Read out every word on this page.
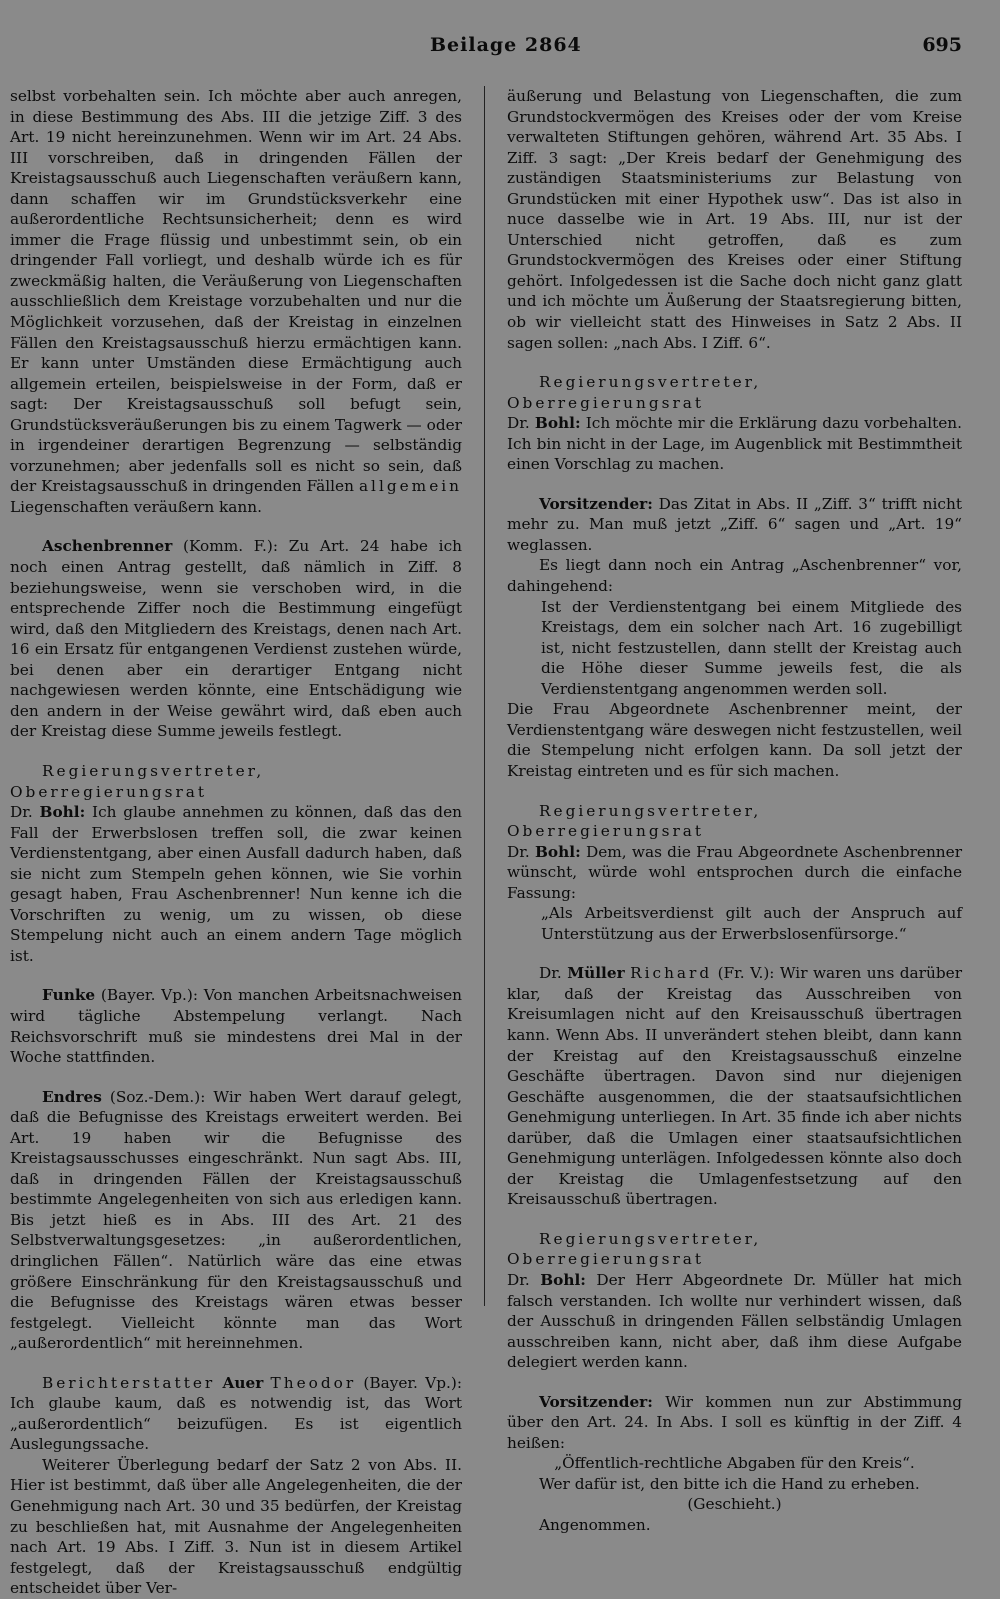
Beilage 2864	695

selbst vorbehalten sein. Ich möchte aber auch anregen, in diese Bestimmung des Abs. III die jetzige Ziff. 3 des Art. 19 nicht hereinzunehmen. Wenn wir im Art. 24 Abs. III vorschreiben, daß in dringenden Fällen der Kreistagsausschuß auch Liegenschaften veräußern kann, dann schaffen wir im Grundstücksverkehr eine außerordentliche Rechtsunsicherheit; denn es wird immer die Frage flüssig und unbestimmt sein, ob ein dringender Fall vorliegt, und deshalb würde ich es für zweckmäßig halten, die Veräußerung von Liegenschaften ausschließlich dem Kreistage vorzubehalten und nur die Möglichkeit vorzusehen, daß der Kreistag in einzelnen Fällen den Kreistagsausschuß hierzu ermächtigen kann. Er kann unter Umständen diese Ermächtigung auch allgemein erteilen, beispielsweise in der Form, daß er sagt: Der Kreistagsausschuß soll befugt sein, Grundstücksveräußerungen bis zu einem Tagwerk — oder in irgendeiner derartigen Begrenzung — selbständig vorzunehmen; aber jedenfalls soll es nicht so sein, daß der Kreistagsausschuß in dringenden Fällen allgemein Liegenschaften veräußern kann.

Aschenbrenner (Komm. F.): Zu Art. 24 habe ich noch einen Antrag gestellt, daß nämlich in Ziff. 8 beziehungsweise, wenn sie verschoben wird, in die entsprechende Ziffer noch die Bestimmung eingefügt wird, daß den Mitgliedern des Kreistags, denen nach Art. 16 ein Ersatz für entgangenen Verdienst zustehen würde, bei denen aber ein derartiger Entgang nicht nachgewiesen werden könnte, eine Entschädigung wie den andern in der Weise gewährt wird, daß eben auch der Kreistag diese Summe jeweils festlegt.

Regierungsvertreter, Oberregierungsrat

Dr. Bohl: Ich glaube annehmen zu können, daß das den Fall der Erwerbslosen treffen soll, die zwar keinen Verdienstentgang, aber einen Ausfall dadurch haben, daß sie nicht zum Stempeln gehen können, wie Sie vorhin gesagt haben, Frau Aschenbrenner! Nun kenne ich die Vorschriften zu wenig, um zu wissen, ob diese Stempelung nicht auch an einem andern Tage möglich ist.

Funke (Bayer. Vp.): Von manchen Arbeitsnachweisen wird tägliche Abstempelung verlangt. Nach Reichsvorschrift muß sie mindestens drei Mal in der Woche stattfinden.

Endres (Soz.-Dem.): Wir haben Wert darauf gelegt, daß die Befugnisse des Kreistags erweitert werden. Bei Art. 19 haben wir die Befugnisse des Kreistagsausschusses eingeschränkt. Nun sagt Abs. III, daß in dringenden Fällen der Kreistagsausschuß bestimmte Angelegenheiten von sich aus erledigen kann. Bis jetzt hieß es in Abs. III des Art. 21 des Selbstverwaltungsgesetzes: „in außerordentlichen, dringlichen Fällen“. Natürlich wäre das eine etwas größere Einschränkung für den Kreistagsausschuß und die Befugnisse des Kreistags wären etwas besser festgelegt. Vielleicht könnte man das Wort „außerordentlich“ mit hereinnehmen.

Berichterstatter Auer Theodor (Bayer. Vp.): Ich glaube kaum, daß es notwendig ist, das Wort „außerordentlich“ beizufügen. Es ist eigentlich Auslegungssache.

Weiterer Überlegung bedarf der Satz 2 von Abs. II. Hier ist bestimmt, daß über alle Angelegenheiten, die der Genehmigung nach Art. 30 und 35 bedürfen, der Kreistag zu beschließen hat, mit Ausnahme der Angelegenheiten nach Art. 19 Abs. I Ziff. 3. Nun ist in diesem Artikel festgelegt, daß der Kreistagsausschuß endgültig entscheidet über Ver-

äußerung und Belastung von Liegenschaften, die zum Grundstockvermögen des Kreises oder der vom Kreise verwalteten Stiftungen gehören, während Art. 35 Abs. I Ziff. 3 sagt: „Der Kreis bedarf der Genehmigung des zuständigen Staatsministeriums zur Belastung von Grundstücken mit einer Hypothek usw“. Das ist also in nuce dasselbe wie in Art. 19 Abs. III, nur ist der Unterschied nicht getroffen, daß es zum Grundstockvermögen des Kreises oder einer Stiftung gehört. Infolgedessen ist die Sache doch nicht ganz glatt und ich möchte um Äußerung der Staatsregierung bitten, ob wir vielleicht statt des Hinweises in Satz 2 Abs. II sagen sollen: „nach Abs. I Ziff. 6“.

Regierungsvertreter, Oberregierungsrat

Dr. Bohl: Ich möchte mir die Erklärung dazu vorbehalten. Ich bin nicht in der Lage, im Augenblick mit Bestimmtheit einen Vorschlag zu machen.

Vorsitzender: Das Zitat in Abs. II „Ziff. 3“ trifft nicht mehr zu. Man muß jetzt „Ziff. 6“ sagen und „Art. 19“ weglassen.

Es liegt dann noch ein Antrag „Aschenbrenner“ vor, dahingehend:

Ist der Verdienstentgang bei einem Mitgliede des Kreistags, dem ein solcher nach Art. 16 zugebilligt ist, nicht festzustellen, dann stellt der Kreistag auch die Höhe dieser Summe jeweils fest, die als Verdienstentgang angenommen werden soll.

Die Frau Abgeordnete Aschenbrenner meint, der Verdienstentgang wäre deswegen nicht festzustellen, weil die Stempelung nicht erfolgen kann. Da soll jetzt der Kreistag eintreten und es für sich machen.

Regierungsvertreter, Oberregierungsrat

Dr. Bohl: Dem, was die Frau Abgeordnete Aschenbrenner wünscht, würde wohl entsprochen durch die einfache Fassung:

„Als Arbeitsverdienst gilt auch der Anspruch auf Unterstützung aus der Erwerbslosenfürsorge.“

Dr. Müller Richard (Fr. V.): Wir waren uns darüber klar, daß der Kreistag das Ausschreiben von Kreisumlagen nicht auf den Kreisausschuß übertragen kann. Wenn Abs. II unverändert stehen bleibt, dann kann der Kreistag auf den Kreistagsausschuß einzelne Geschäfte übertragen. Davon sind nur diejenigen Geschäfte ausgenommen, die der staatsaufsichtlichen Genehmigung unterliegen. In Art. 35 finde ich aber nichts darüber, daß die Umlagen einer staatsaufsichtlichen Genehmigung unterlägen. Infolgedessen könnte also doch der Kreistag die Umlagenfestsetzung auf den Kreisausschuß übertragen.

Regierungsvertreter, Oberregierungsrat

Dr. Bohl: Der Herr Abgeordnete Dr. Müller hat mich falsch verstanden. Ich wollte nur verhindert wissen, daß der Ausschuß in dringenden Fällen selbständig Umlagen ausschreiben kann, nicht aber, daß ihm diese Aufgabe delegiert werden kann.

Vorsitzender: Wir kommen nun zur Abstimmung über den Art. 24. In Abs. I soll es künftig in der Ziff. 4 heißen:

„Öffentlich-rechtliche Abgaben für den Kreis“.

Wer dafür ist, den bitte ich die Hand zu erheben.

(Geschieht.)

Angenommen.
